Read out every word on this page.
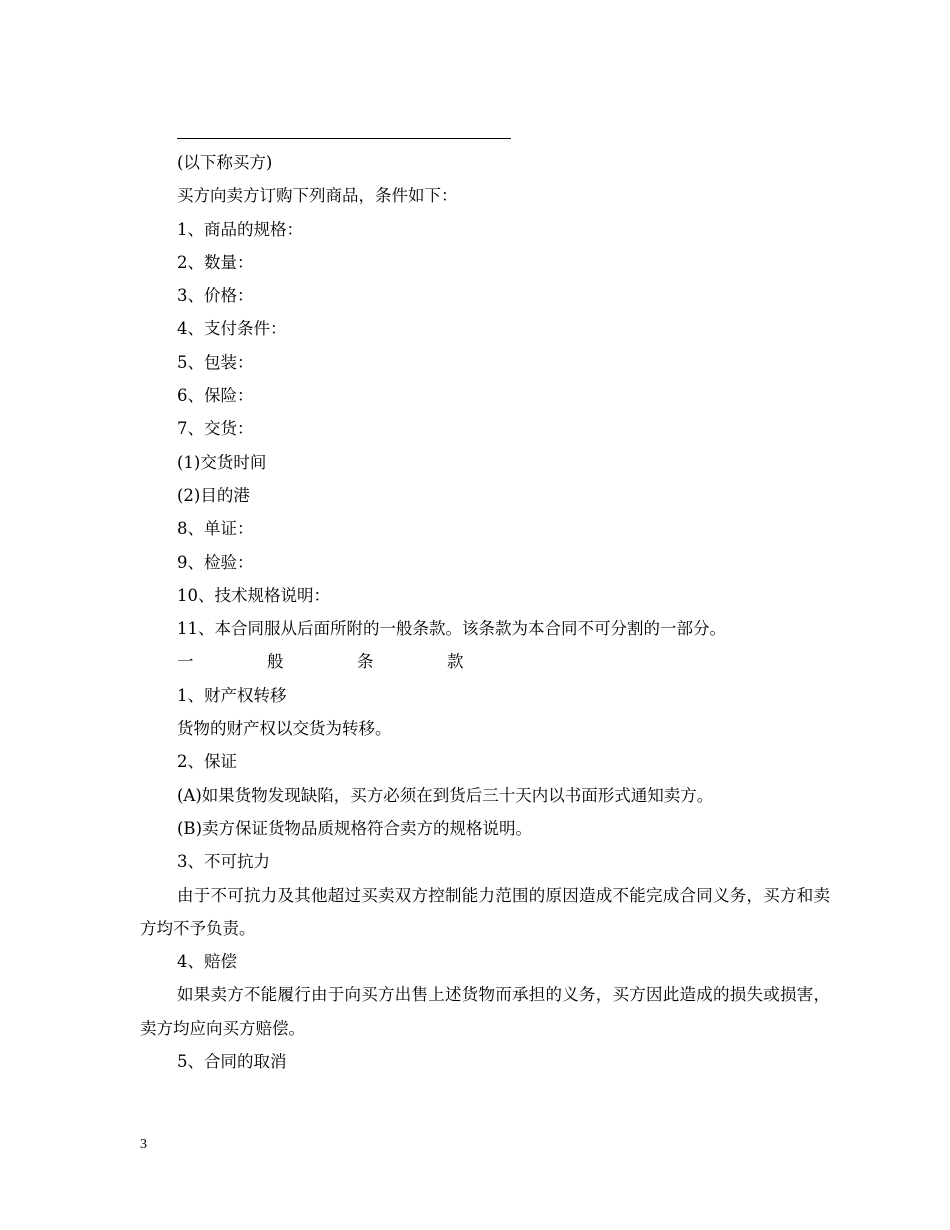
(以下称买方)
买方向卖方订购下列商品，条件如下：
1、商品的规格：
2、数量：
3、价格：
4、支付条件：
5、包装：
6、保险：
7、交货：
(1)交货时间
(2)目的港
8、单证：
9、检验：
10、技术规格说明：
11、本合同服从后面所附的一般条款。该条款为本合同不可分割的一部分。
一	般	条	款
1、财产权转移
货物的财产权以交货为转移。
2、保证
(A)如果货物发现缺陷，买方必须在到货后三十天内以书面形式通知卖方。
(B)卖方保证货物品质规格符合卖方的规格说明。
3、不可抗力
由于不可抗力及其他超过买卖双方控制能力范围的原因造成不能完成合同义务，买方和卖方均不予负责。
4、赔偿
如果卖方不能履行由于向买方出售上述货物而承担的义务，买方因此造成的损失或损害，卖方均应向买方赔偿。
5、合同的取消
3
